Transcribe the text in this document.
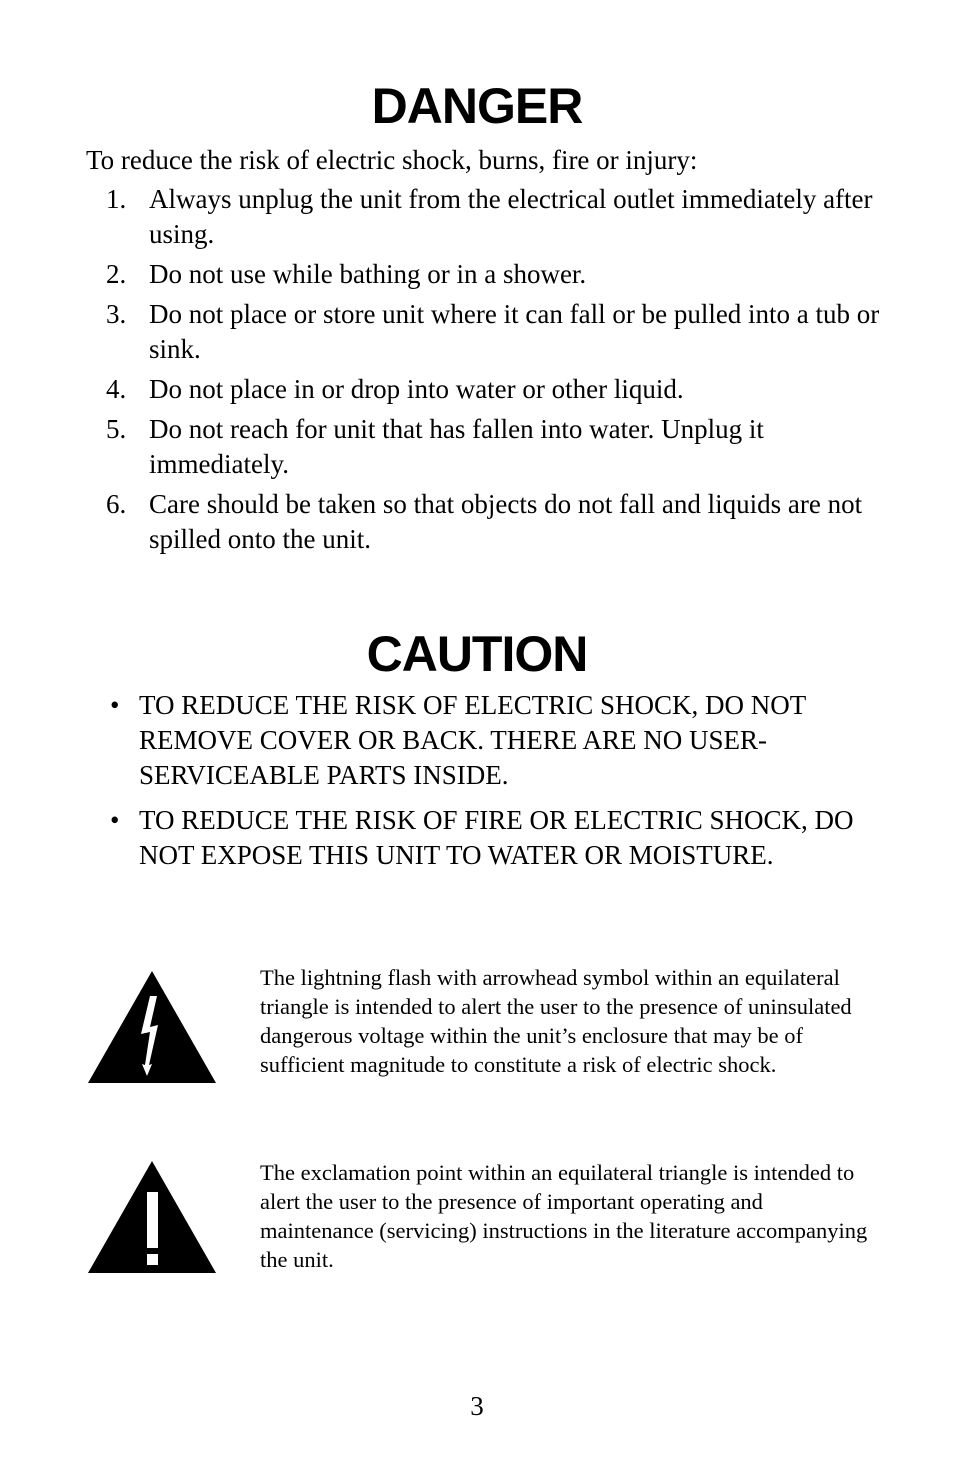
DANGER
To reduce the risk of electric shock, burns, fire or injury:
1. Always unplug the unit from the electrical outlet immediately after using.
2. Do not use while bathing or in a shower.
3. Do not place or store unit where it can fall or be pulled into a tub or sink.
4. Do not place in or drop into water or other liquid.
5. Do not reach for unit that has fallen into water. Unplug it immediately.
6. Care should be taken so that objects do not fall and liquids are not spilled onto the unit.
CAUTION
• TO REDUCE THE RISK OF ELECTRIC SHOCK, DO NOT REMOVE COVER OR BACK. THERE ARE NO USER-SERVICEABLE PARTS INSIDE.
• TO REDUCE THE RISK OF FIRE OR ELECTRIC SHOCK, DO NOT EXPOSE THIS UNIT TO WATER OR MOISTURE.
The lightning flash with arrowhead symbol within an equilateral triangle is intended to alert the user to the presence of uninsulated dangerous voltage within the unit’s enclosure that may be of sufficient magnitude to constitute a risk of electric shock.
The exclamation point within an equilateral triangle is intended to alert the user to the presence of important operating and maintenance (servicing) instructions in the literature accompanying the unit.
3
